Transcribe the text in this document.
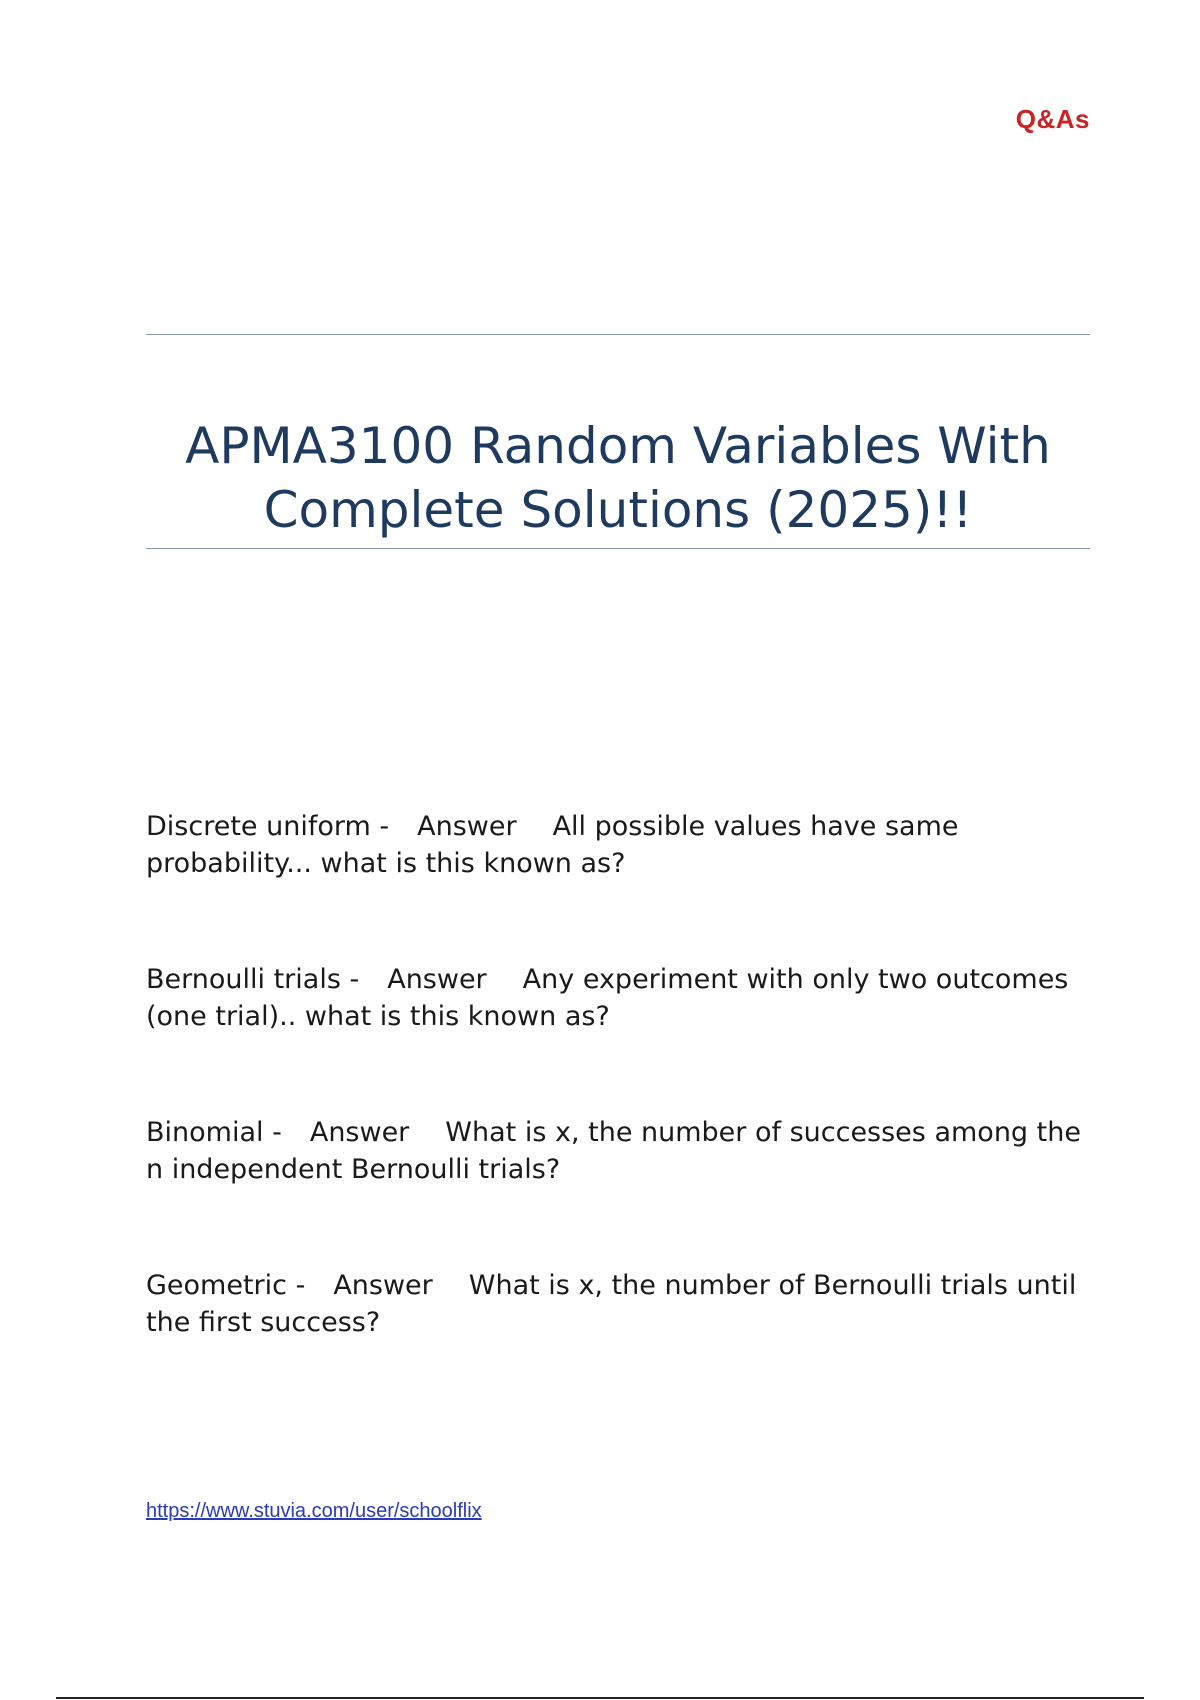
Q&As
APMA3100 Random Variables With Complete Solutions (2025)!!
Discrete uniform - Answer All possible values have same probability... what is this known as?
Bernoulli trials - Answer Any experiment with only two outcomes (one trial).. what is this known as?
Binomial - Answer What is x, the number of successes among the n independent Bernoulli trials?
Geometric - Answer What is x, the number of Bernoulli trials until the first success?
https://www.stuvia.com/user/schoolflix
